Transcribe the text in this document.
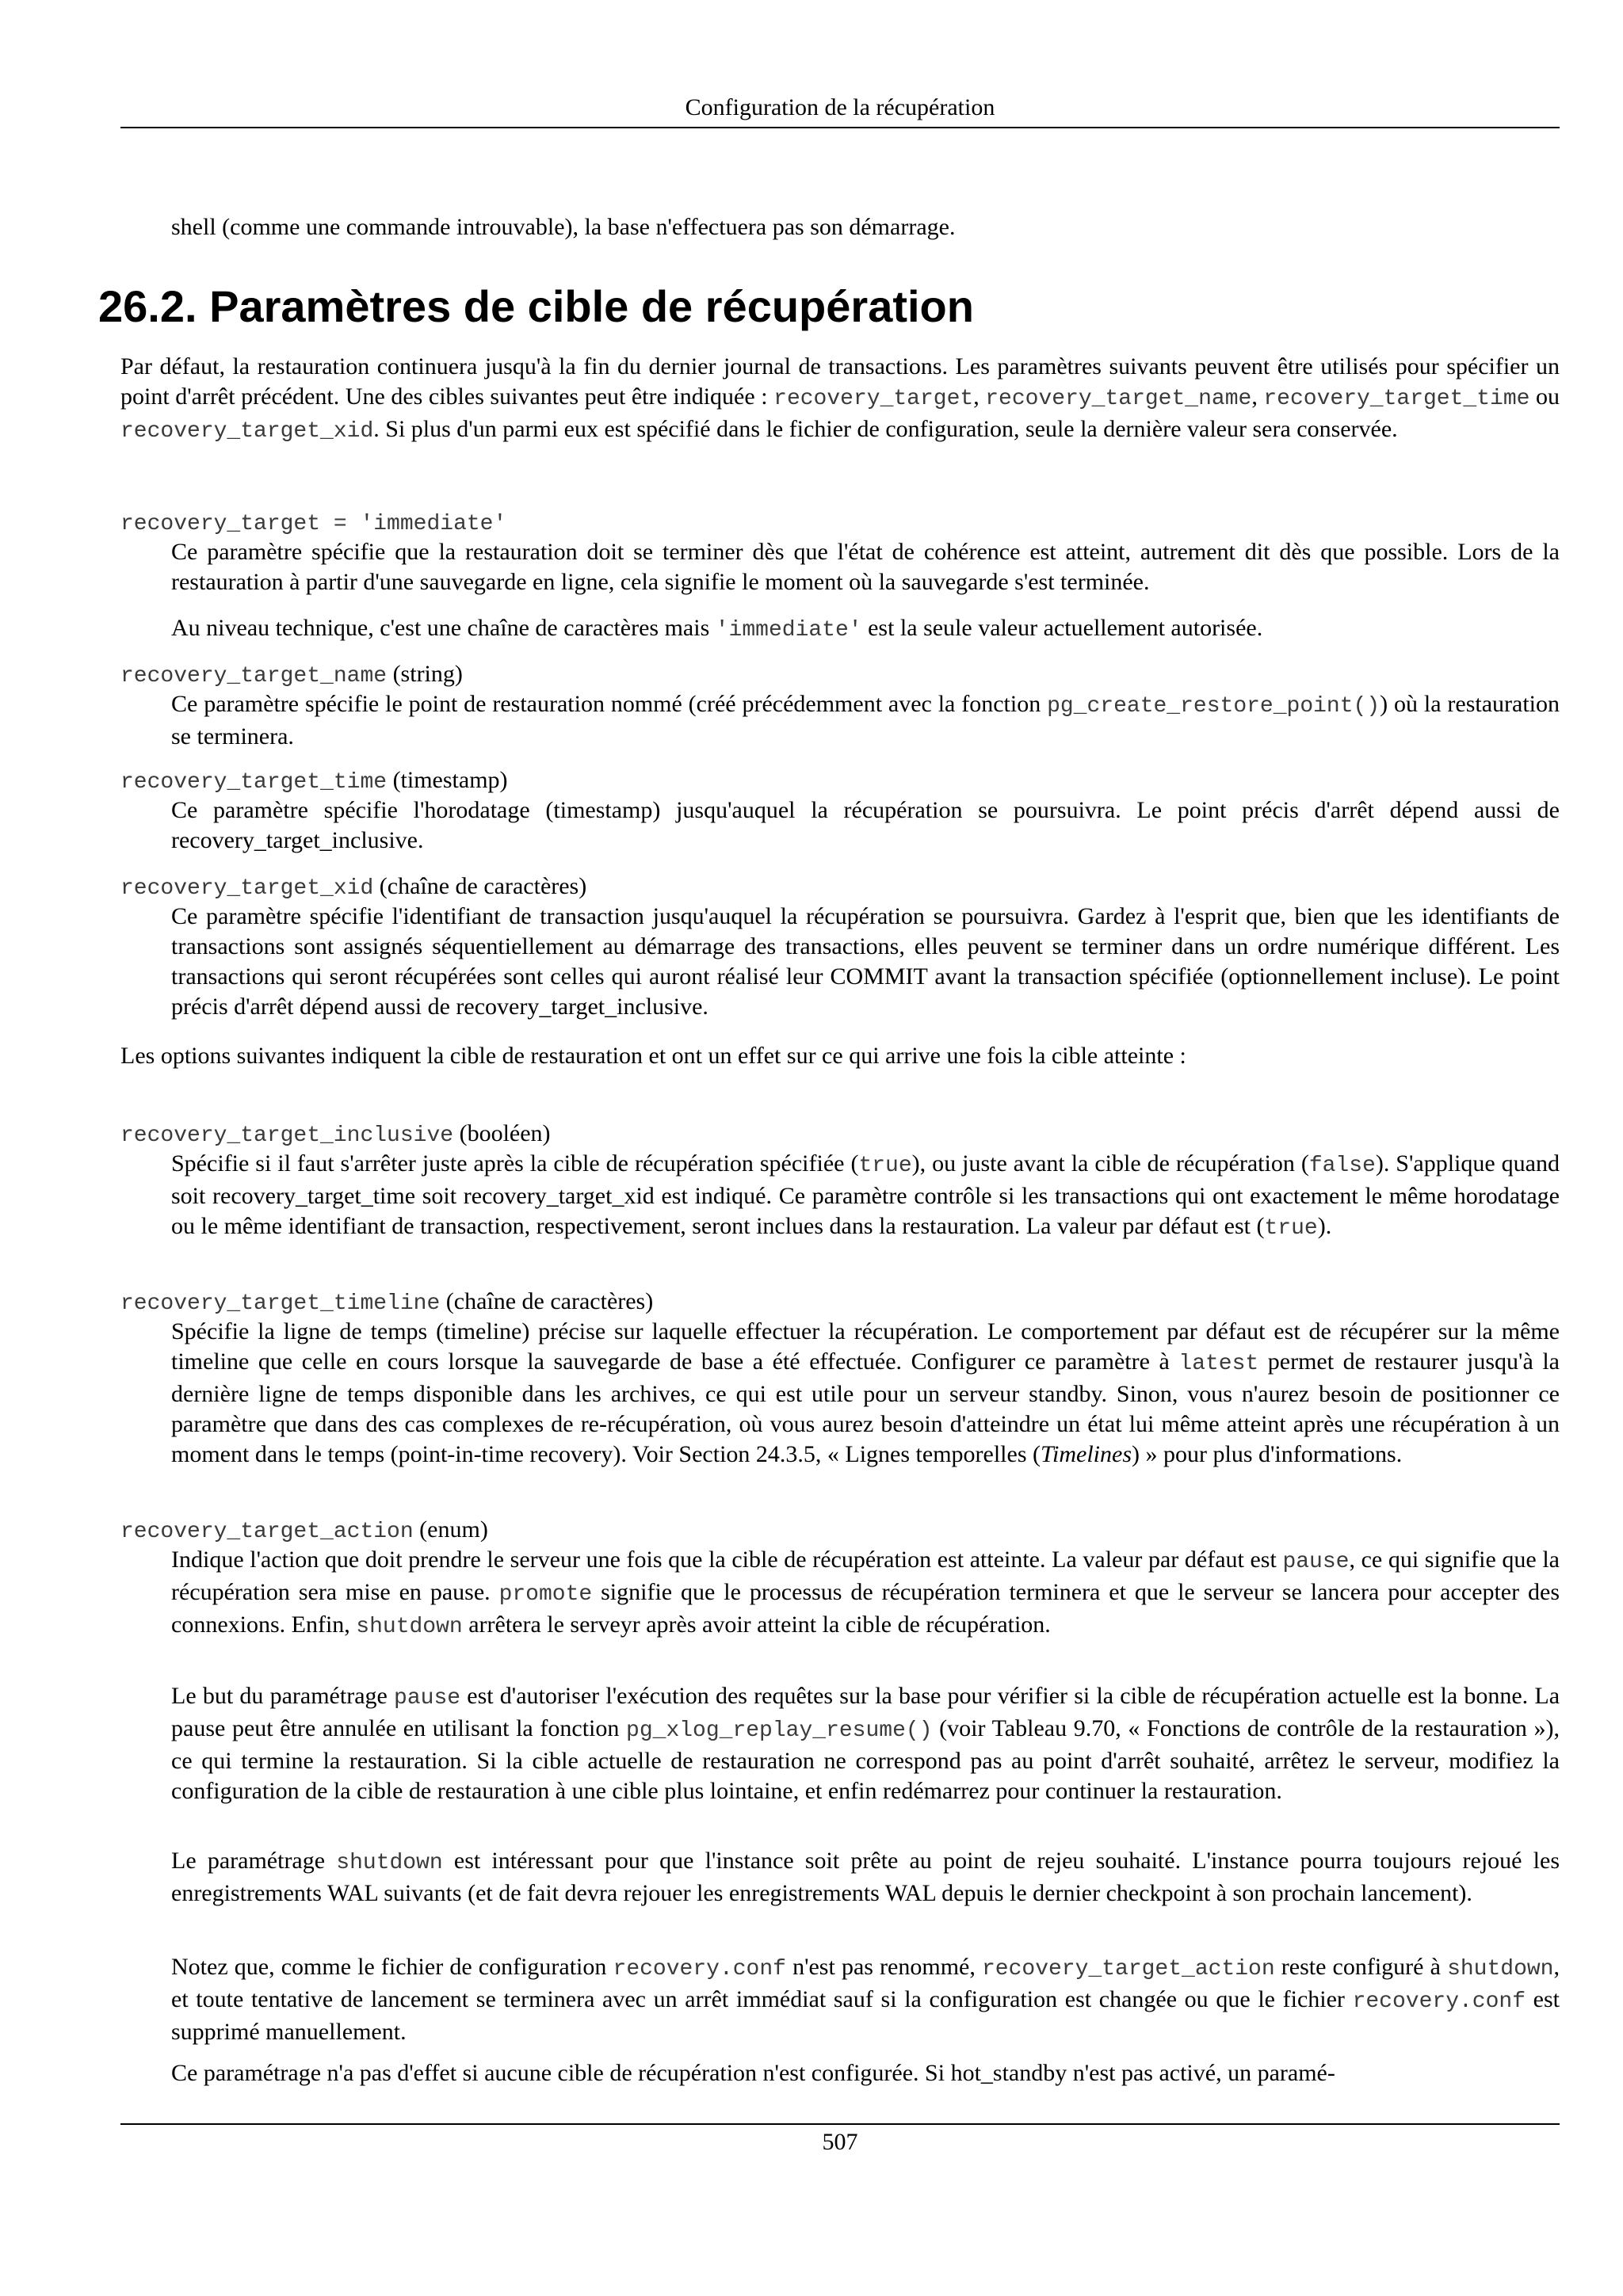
Configuration de la récupération
shell (comme une commande introuvable), la base n'effectuera pas son démarrage.
26.2. Paramètres de cible de récupération
Par défaut, la restauration continuera jusqu'à la fin du dernier journal de transactions. Les paramètres suivants peuvent être utilisés pour spécifier un point d'arrêt précédent. Une des cibles suivantes peut être indiquée : recovery_target, recovery_target_name, recovery_target_time ou recovery_target_xid. Si plus d'un parmi eux est spécifié dans le fichier de configuration, seule la dernière valeur sera conservée.
recovery_target = 'immediate'
Ce paramètre spécifie que la restauration doit se terminer dès que l'état de cohérence est atteint, autrement dit dès que possible. Lors de la restauration à partir d'une sauvegarde en ligne, cela signifie le moment où la sauvegarde s'est terminée.
Au niveau technique, c'est une chaîne de caractères mais 'immediate' est la seule valeur actuellement autorisée.
recovery_target_name (string)
Ce paramètre spécifie le point de restauration nommé (créé précédemment avec la fonction pg_create_restore_point()) où la restauration se terminera.
recovery_target_time (timestamp)
Ce paramètre spécifie l'horodatage (timestamp) jusqu'auquel la récupération se poursuivra. Le point précis d'arrêt dépend aussi de recovery_target_inclusive.
recovery_target_xid (chaîne de caractères)
Ce paramètre spécifie l'identifiant de transaction jusqu'auquel la récupération se poursuivra. Gardez à l'esprit que, bien que les identifiants de transactions sont assignés séquentiellement au démarrage des transactions, elles peuvent se terminer dans un ordre numérique différent. Les transactions qui seront récupérées sont celles qui auront réalisé leur COMMIT avant la transaction spécifiée (optionnellement incluse). Le point précis d'arrêt dépend aussi de recovery_target_inclusive.
Les options suivantes indiquent la cible de restauration et ont un effet sur ce qui arrive une fois la cible atteinte :
recovery_target_inclusive (booléen)
Spécifie si il faut s'arrêter juste après la cible de récupération spécifiée (true), ou juste avant la cible de récupération (false). S'applique quand soit recovery_target_time soit recovery_target_xid est indiqué. Ce paramètre contrôle si les transactions qui ont exactement le même horodatage ou le même identifiant de transaction, respectivement, seront inclues dans la restauration. La valeur par défaut est (true).
recovery_target_timeline (chaîne de caractères)
Spécifie la ligne de temps (timeline) précise sur laquelle effectuer la récupération. Le comportement par défaut est de récupérer sur la même timeline que celle en cours lorsque la sauvegarde de base a été effectuée. Configurer ce paramètre à latest permet de restaurer jusqu'à la dernière ligne de temps disponible dans les archives, ce qui est utile pour un serveur standby. Sinon, vous n'aurez besoin de positionner ce paramètre que dans des cas complexes de re-récupération, où vous aurez besoin d'atteindre un état lui même atteint après une récupération à un moment dans le temps (point-in-time recovery). Voir Section 24.3.5, « Lignes temporelles (Timelines) » pour plus d'informations.
recovery_target_action (enum)
Indique l'action que doit prendre le serveur une fois que la cible de récupération est atteinte. La valeur par défaut est pause, ce qui signifie que la récupération sera mise en pause. promote signifie que le processus de récupération terminera et que le serveur se lancera pour accepter des connexions. Enfin, shutdown arrêtera le serveyr après avoir atteint la cible de récupération.
Le but du paramétrage pause est d'autoriser l'exécution des requêtes sur la base pour vérifier si la cible de récupération actuelle est la bonne. La pause peut être annulée en utilisant la fonction pg_xlog_replay_resume() (voir Tableau 9.70, « Fonctions de contrôle de la restauration »), ce qui termine la restauration. Si la cible actuelle de restauration ne correspond pas au point d'arrêt souhaité, arrêtez le serveur, modifiez la configuration de la cible de restauration à une cible plus lointaine, et enfin redémarrez pour continuer la restauration.
Le paramétrage shutdown est intéressant pour que l'instance soit prête au point de rejeu souhaité. L'instance pourra toujours rejoué les enregistrements WAL suivants (et de fait devra rejouer les enregistrements WAL depuis le dernier checkpoint à son prochain lancement).
Notez que, comme le fichier de configuration recovery.conf n'est pas renommé, recovery_target_action reste configuré à shutdown, et toute tentative de lancement se terminera avec un arrêt immédiat sauf si la configuration est changée ou que le fichier recovery.conf est supprimé manuellement.
Ce paramétrage n'a pas d'effet si aucune cible de récupération n'est configurée. Si hot_standby n'est pas activé, un paramé-
507
